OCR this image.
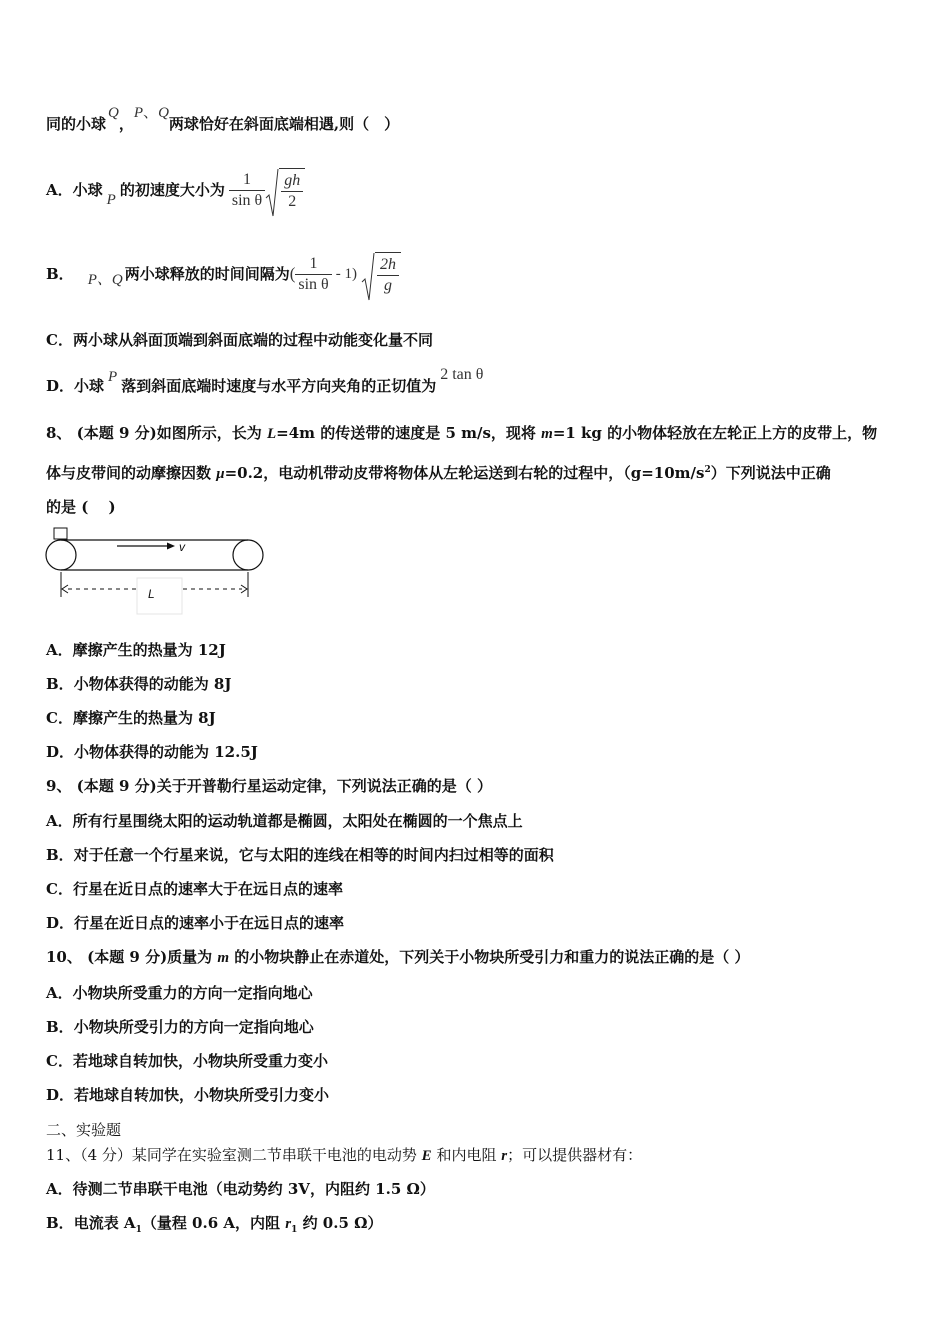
同的小球Q，P、Q两球恰好在斜面底端相遇,则（　）
A． 小球
P
的初速度大小为 $\frac{1}{\text{sin θ}} \frac{gh}{2}$
B． P、Q 两小球释放的时间间隔为 ( $\frac{1}{\text{sin θ}} - 1) \frac{2h}{g}$
C．两小球从斜面顶端到斜面底端的过程中动能变化量不同
D．小球 P 落到斜面底端时速度与水平方向夹角的正切值为2 tan θ
8、 (本题 9 分)如图所示，长为 L=4m 的传送带的速度是 5 m/s，现将 m=1 kg 的小物体轻放在左轮正上方的皮带上，物
体与皮带间的动摩擦因数 μ=0.2，电动机带动皮带将物体从左轮运送到右轮的过程中，$(g=10m/s^2)$下列说法中正确
的是 (　 )
v
L
A．摩擦产生的热量为 12J
B．小物体获得的动能为 8J
C．摩擦产生的热量为 8J
D．小物体获得的动能为 12.5J
9、 (本题 9 分)关于开普勒行星运动定律，下列说法正确的是（ ）
A．所有行星围绕太阳的运动轨道都是椭圆，太阳处在椭圆的一个焦点上
B．对于任意一个行星来说，它与太阳的连线在相等的时间内扫过相等的面积
C．行星在近日点的速率大于在远日点的速率
D．行星在近日点的速率小于在远日点的速率
10、 (本题 9 分)质量为 m 的小物块静止在赤道处，下列关于小物块所受引力和重力的说法正确的是（ ）
A．小物块所受重力的方向一定指向地心
B．小物块所受引力的方向一定指向地心
C．若地球自转加快，小物块所受重力变小
D．若地球自转加快，小物块所受引力变小
二、实验题
11、（4 分）某同学在实验室测二节串联干电池的电动势 E 和内电阻 r；可以提供器材有：
A．待测二节串联干电池（电动势约 3V，内阻约 1.5 Ω）
B．电流表 $A_1$（量程 0.6 A，内阻 $r_1$ 约 0.5 Ω）
